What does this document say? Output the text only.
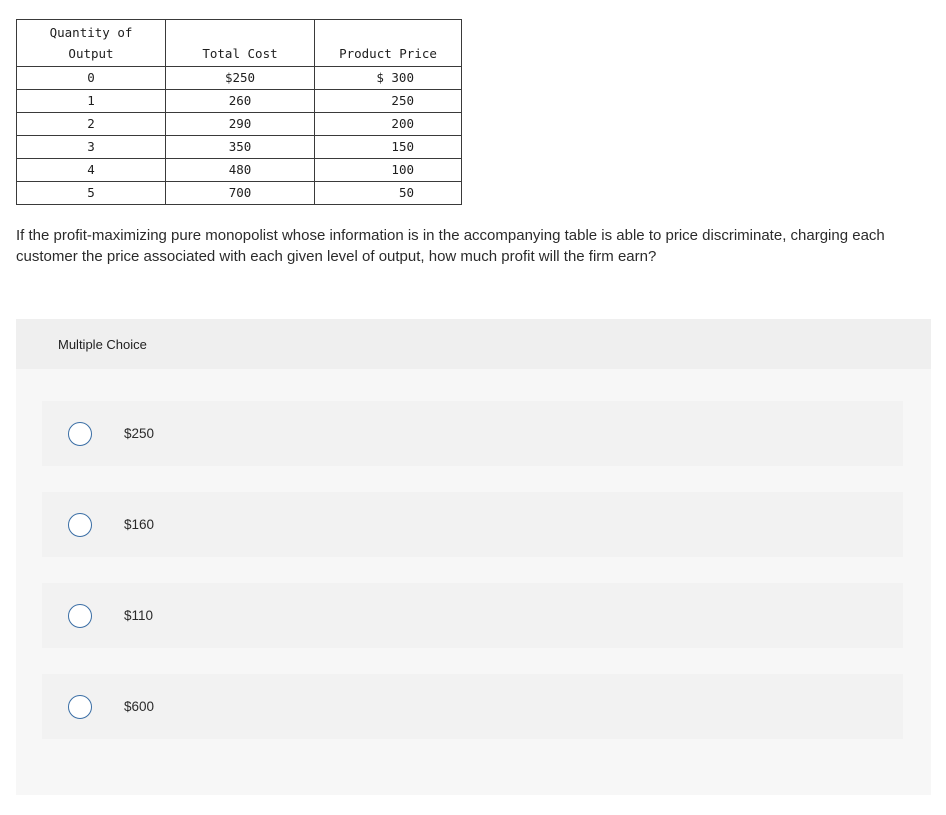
Quantity of
Output	Total Cost	Product Price
0	$250	$ 300
1	260	250
2	290	200
3	350	150
4	480	100
5	700	50

If the profit-maximizing pure monopolist whose information is in the accompanying table is able to price discriminate, charging each customer the price associated with each given level of output, how much profit will the firm earn?

Multiple Choice
$250
$160
$110
$600
